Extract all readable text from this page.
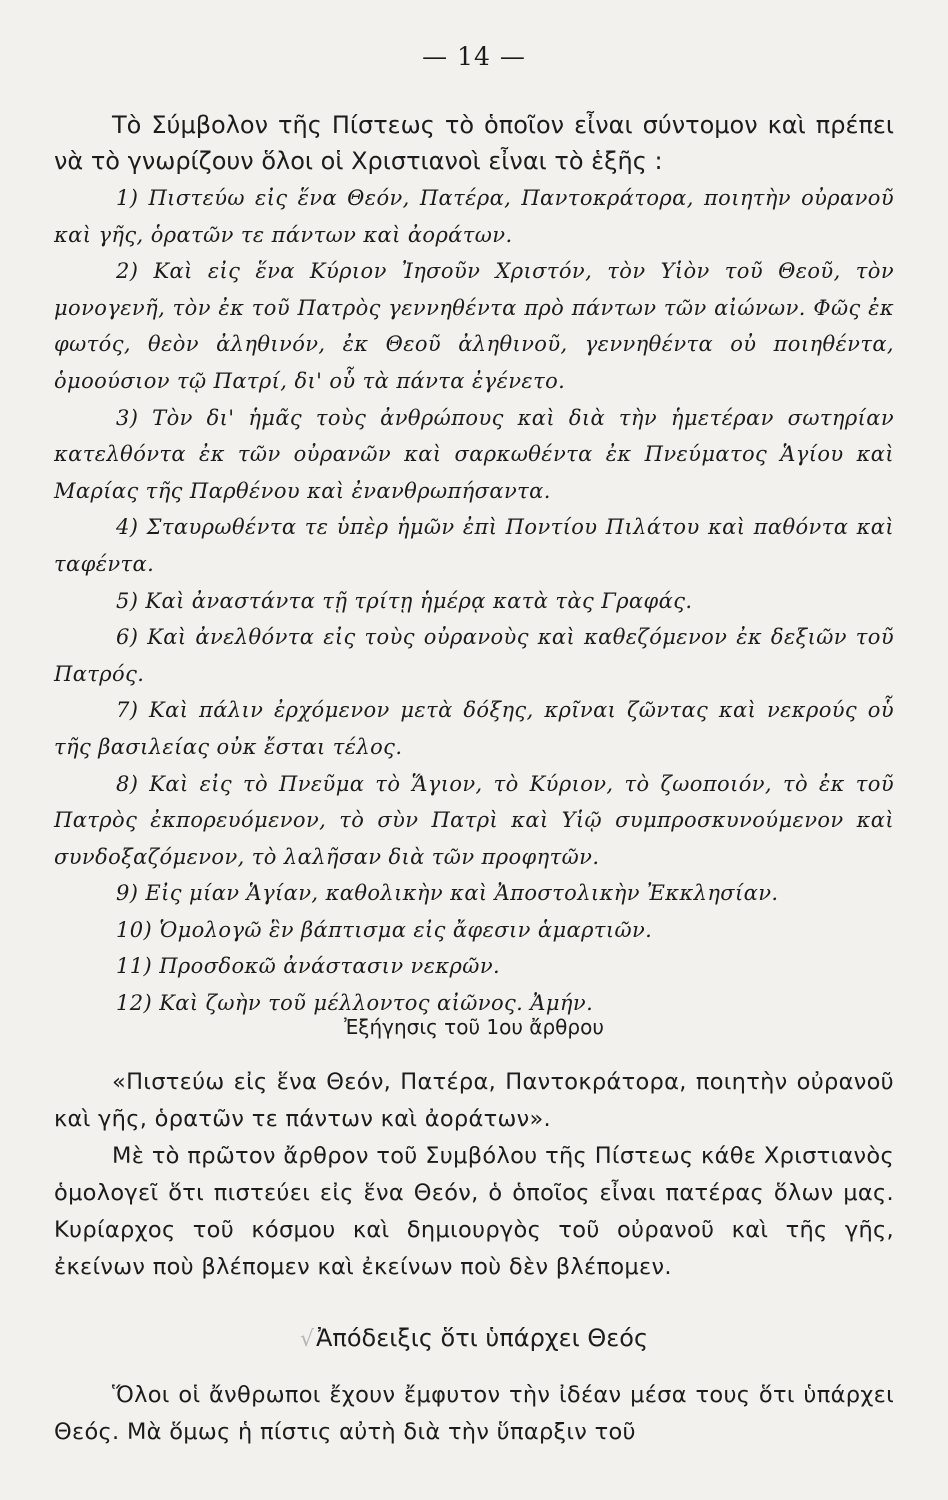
— 14 —
Τὸ Σύμβολον τῆς Πίστεως τὸ ὁποῖον εἶναι σύντομον καὶ πρέπει νὰ τὸ γνωρίζουν ὅλοι οἱ Χριστιανοὶ εἶναι τὸ ἑξῆς :
1) Πιστεύω εἰς ἕνα Θεόν, Πατέρα, Παντοκράτορα, ποιητὴν οὐρανοῦ καὶ γῆς, ὁρατῶν τε πάντων καὶ ἀοράτων.
2) Καὶ εἰς ἕνα Κύριον Ἰησοῦν Χριστόν, τὸν Υἱὸν τοῦ Θεοῦ, τὸν μονογενῆ, τὸν ἐκ τοῦ Πατρὸς γεννηθέντα πρὸ πάντων τῶν αἰώνων. Φῶς ἐκ φωτός, θεὸν ἀληθινόν, ἐκ Θεοῦ ἀληθινοῦ, γεννηθέντα οὐ ποιηθέντα, ὁμοούσιον τῷ Πατρί, δι' οὗ τὰ πάντα ἐγένετο.
3) Τὸν δι' ἡμᾶς τοὺς ἀνθρώπους καὶ διὰ τὴν ἡμετέραν σωτηρίαν κατελθόντα ἐκ τῶν οὐρανῶν καὶ σαρκωθέντα ἐκ Πνεύματος Ἁγίου καὶ Μαρίας τῆς Παρθένου καὶ ἐνανθρωπήσαντα.
4) Σταυρωθέντα τε ὑπὲρ ἡμῶν ἐπὶ Ποντίου Πιλάτου καὶ παθόντα καὶ ταφέντα.
5) Καὶ ἀναστάντα τῇ τρίτῃ ἡμέρᾳ κατὰ τὰς Γραφάς.
6) Καὶ ἀνελθόντα εἰς τοὺς οὐρανοὺς καὶ καθεζόμενον ἐκ δεξιῶν τοῦ Πατρός.
7) Καὶ πάλιν ἐρχόμενον μετὰ δόξης, κρῖναι ζῶντας καὶ νεκρούς οὗ τῆς βασιλείας οὐκ ἔσται τέλος.
8) Καὶ εἰς τὸ Πνεῦμα τὸ Ἅγιον, τὸ Κύριον, τὸ ζωοποιόν, τὸ ἐκ τοῦ Πατρὸς ἐκπορευόμενον, τὸ σὺν Πατρὶ καὶ Υἱῷ συμπροσκυνούμενον καὶ συνδοξαζόμενον, τὸ λαλῆσαν διὰ τῶν προφητῶν.
9) Εἰς μίαν Ἁγίαν, καθολικὴν καὶ Ἀποστολικὴν Ἐκκλησίαν.
10) Ὁμολογῶ ἓν βάπτισμα εἰς ἄφεσιν ἁμαρτιῶν.
11) Προσδοκῶ ἀνάστασιν νεκρῶν.
12) Καὶ ζωὴν τοῦ μέλλοντος αἰῶνος. Ἀμήν.
Ἐξήγησις τοῦ 1ου ἄρθρου

«Πιστεύω εἰς ἕνα Θεόν, Πατέρα, Παντοκράτορα, ποιητὴν οὐρανοῦ καὶ γῆς, ὁρατῶν τε πάντων καὶ ἀοράτων».

Μὲ τὸ πρῶτον ἄρθρον τοῦ Συμβόλου τῆς Πίστεως κάθε Χριστιανὸς ὁμολογεῖ ὅτι πιστεύει εἰς ἕνα Θεόν, ὁ ὁποῖος εἶναι πατέρας ὅλων μας. Κυρίαρχος τοῦ κόσμου καὶ δημιουργὸς τοῦ οὐρανοῦ καὶ τῆς γῆς, ἐκείνων ποὺ βλέπομεν καὶ ἐκείνων ποὺ δὲν βλέπομεν.

√Ἀπόδειξις ὅτι ὑπάρχει Θεός

Ὅλοι οἱ ἄνθρωποι ἔχουν ἔμφυτον τὴν ἰδέαν μέσα τους ὅτι ὑπάρχει Θεός. Μὰ ὅμως ἡ πίστις αὐτὴ διὰ τὴν ὕπαρξιν τοῦ
